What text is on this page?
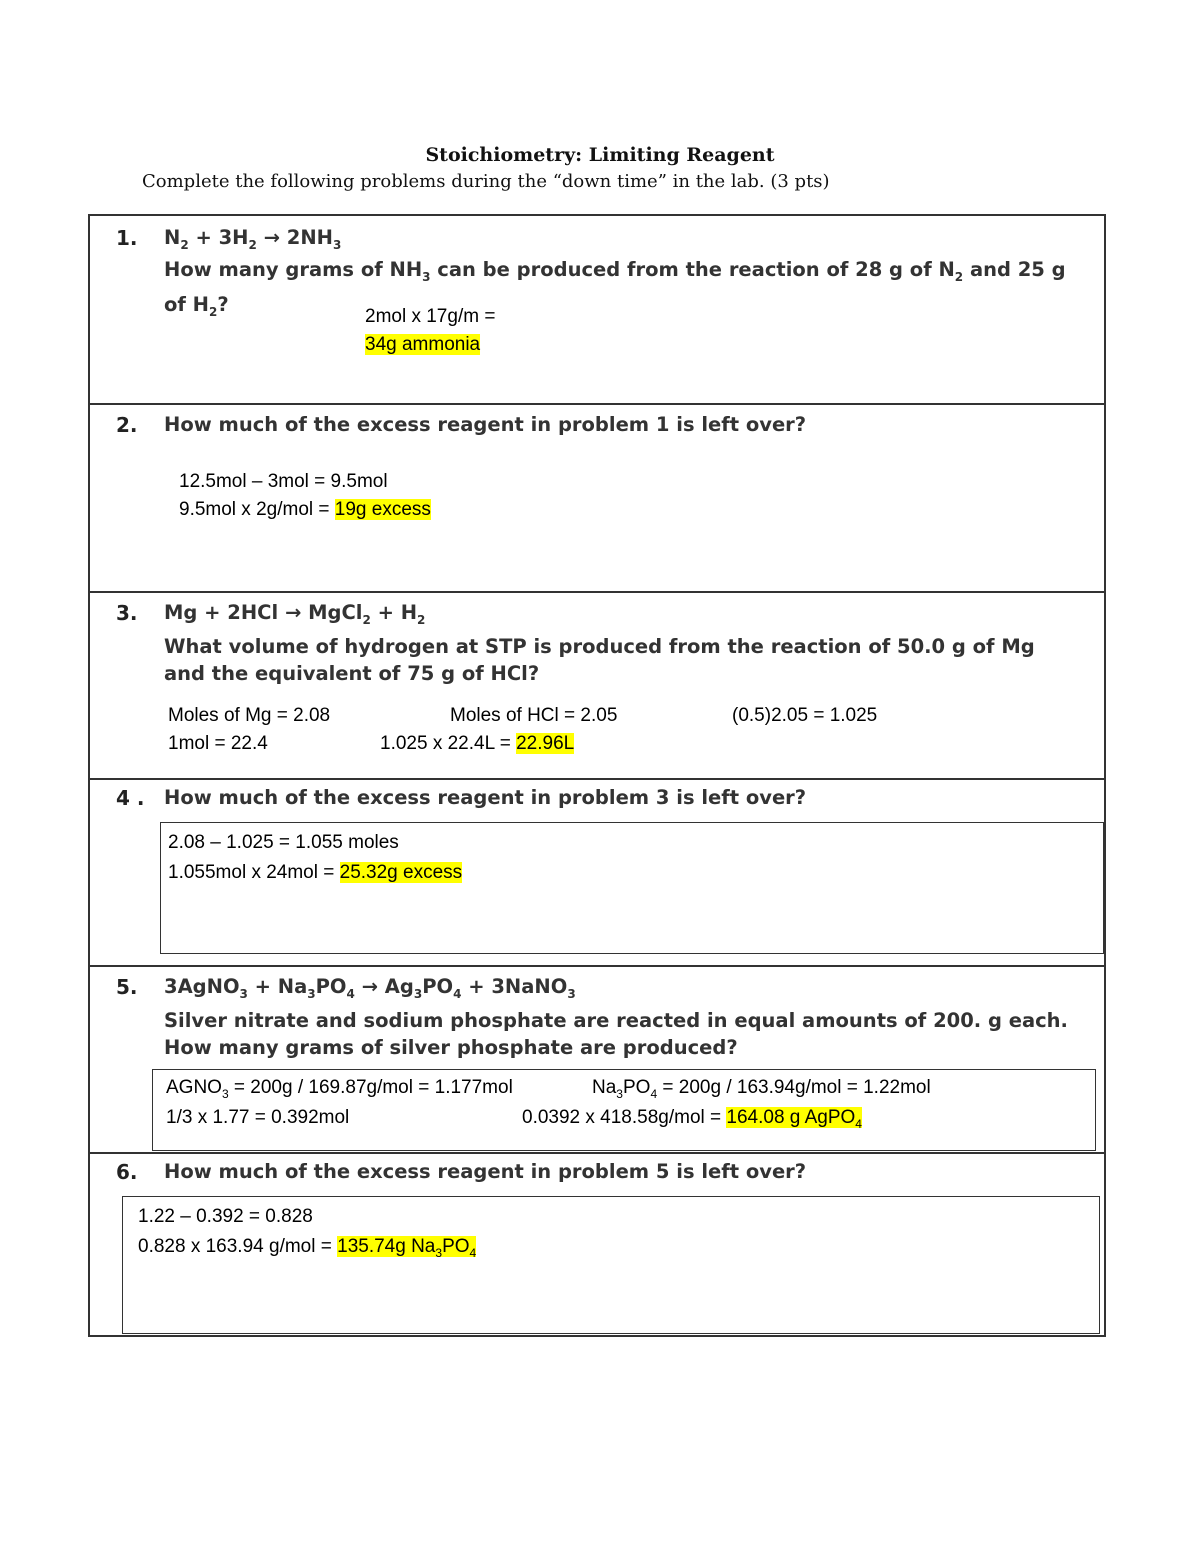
Stoichiometry: Limiting Reagent
Complete the following problems during the “down time” in the lab. (3 pts)
1. $N_2 + 3H_2 \to 2NH_3$
How many grams of $NH_3$ can be produced from the reaction of 28 g of $N_2$ and 25 g of $H_2$?
2mol x 17g/m =
34g ammonia
2. How much of the excess reagent in problem 1 is left over?
12.5mol – 3mol = 9.5mol
9.5mol x 2g/mol = 19g excess
3. Mg + 2HCl → MgCl$_2$ + $H_2$
What volume of hydrogen at STP is produced from the reaction of 50.0 g of Mg and the equivalent of 75 g of HCl?
Moles of Mg = 2.08	Moles of HCl = 2.05	(0.5)2.05 = 1.025
1mol = 22.4	1.025 x 22.4L = 22.96L
4 . How much of the excess reagent in problem 3 is left over?
2.08 – 1.025 = 1.055 moles
1.055mol x 24mol = 25.32g excess
5. 3AgNO$_3$ + $Na_3PO_4 \to Ag_3PO_4$ + 3NaNO$_3$
Silver nitrate and sodium phosphate are reacted in equal amounts of 200. g each. How many grams of silver phosphate are produced?
$AGNO_3 = 200g / 169.87g/mol = 1.177mol$	$Na_3PO_4 = 200g / 163.94g/mol = 1.22mol$
1/3 x 1.77 = 0.392mol	0.0392 x 418.58g/mol = 164.08 g AgPO$_4$
6. How much of the excess reagent in problem 5 is left over?
1.22 – 0.392 = 0.828
0.828 x 163.94 g/mol = 135.74g $Na_3PO_4$
